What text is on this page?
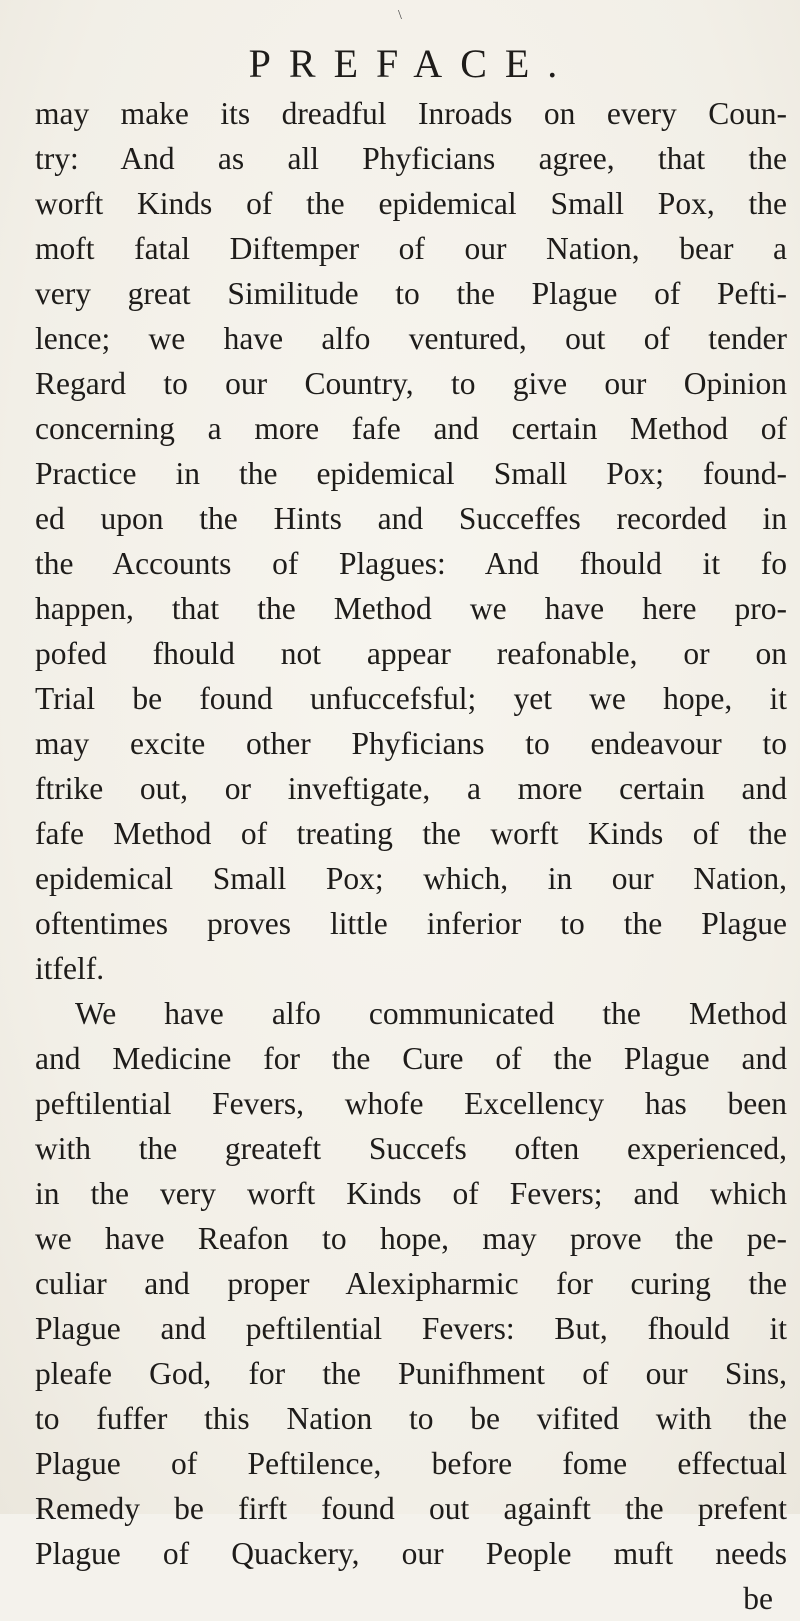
\
PREFACE.
may make its dreadful Inroads on every Coun-
try: And as all Phyficians agree, that the
worft Kinds of the epidemical Small Pox, the
moft fatal Diftemper of our Nation, bear a
very great Similitude to the Plague of Pefti-
lence; we have alfo ventured, out of tender
Regard to our Country, to give our Opinion
concerning a more fafe and certain Method of
Practice in the epidemical Small Pox; found-
ed upon the Hints and Succeffes recorded in
the Accounts of Plagues: And fhould it fo
happen, that the Method we have here pro-
pofed fhould not appear reafonable, or on
Trial be found unfuccefsful; yet we hope, it
may excite other Phyficians to endeavour to
ftrike out, or inveftigate, a more certain and
fafe Method of treating the worft Kinds of the
epidemical Small Pox; which, in our Nation,
oftentimes proves little inferior to the Plague
itfelf.
We have alfo communicated the Method
and Medicine for the Cure of the Plague and
peftilential Fevers, whofe Excellency has been
with the greateft Succefs often experienced,
in the very worft Kinds of Fevers; and which
we have Reafon to hope, may prove the pe-
culiar and proper Alexipharmic for curing the
Plague and peftilential Fevers: But, fhould it
pleafe God, for the Punifhment of our Sins,
to fuffer this Nation to be vifited with the
Plague of Peftilence, before fome effectual
Remedy be firft found out againft the prefent
Plague of Quackery, our People muft needs
be
